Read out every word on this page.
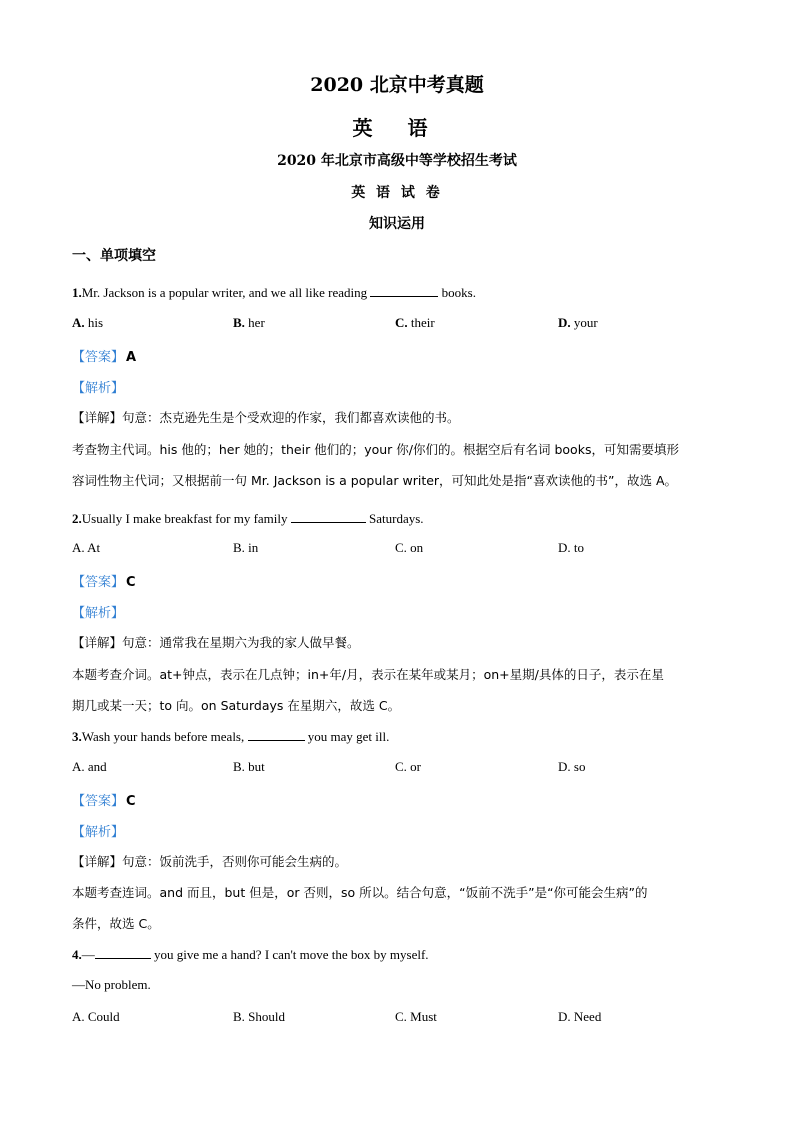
2020 北京中考真题
英 语
2020 年北京市高级中等学校招生考试
英 语 试 卷
知识运用
一、单项填空
1.Mr. Jackson is a popular writer, and we all like reading	books.
A. his	B. her	C. their	D. your
【答案】 A
【解析】
【详解】句意：杰克逊先生是个受欢迎的作家，我们都喜欢读他的书。
考查物主代词。his 他的；her 她的；their 他们的；your 你/你们的。根据空后有名词 books，可知需要填形
容词性物主代词；又根据前一句 Mr. Jackson is a popular writer，可知此处是指“喜欢读他的书”，故选 A。
2.Usually I make breakfast for my family	Saturdays.
A. At	B. in	C. on	D. to
【答案】 C
【解析】
【详解】句意：通常我在星期六为我的家人做早餐。
本题考查介词。at+钟点，表示在几点钟；in+年/月，表示在某年或某月；on+星期/具体的日子，表示在星
期几或某一天；to 向。on Saturdays 在星期六，故选 C。
3.Wash your hands before meals,	you may get ill.
A. and	B. but	C. or	D. so
【答案】 C
【解析】
【详解】句意：饭前洗手，否则你可能会生病的。
本题考查连词。and 而且，but 但是，or 否则，so 所以。结合句意，“饭前不洗手”是“你可能会生病”的
条件，故选 C。
4.—	you give me a hand? I can't move the box by myself.
—No problem.
A. Could	B. Should	C. Must	D. Need
